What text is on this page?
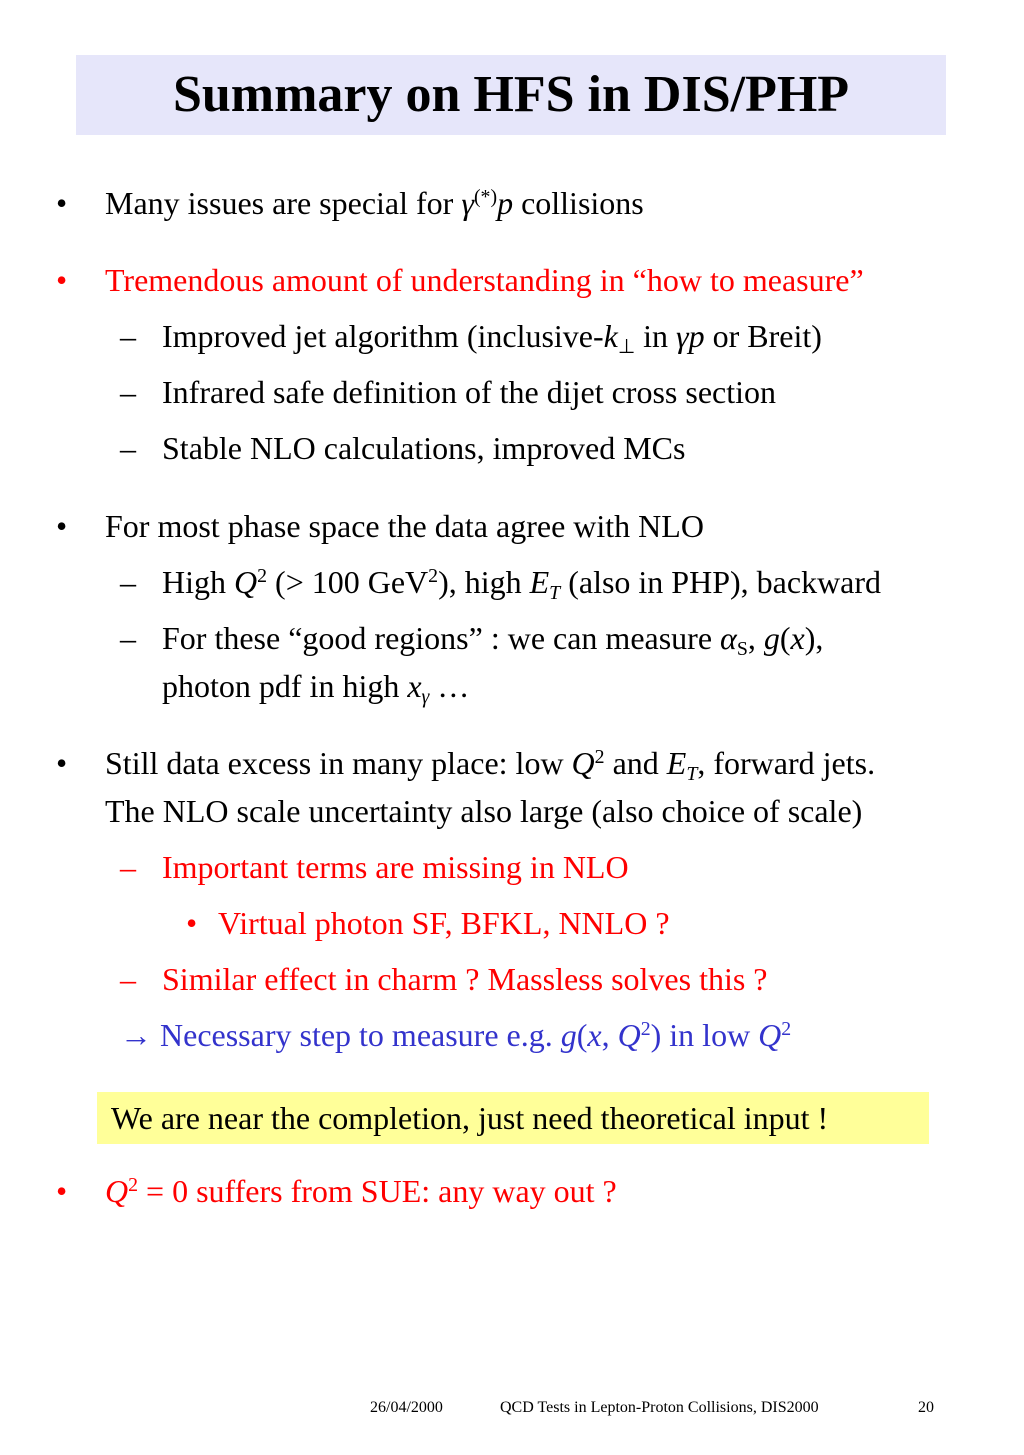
Summary on HFS in DIS/PHP
• Many issues are special for γ(*)p collisions
• Tremendous amount of understanding in “how to measure”
– Improved jet algorithm ($inclusive-k_\perp$ in γp or Breit)
– Infrared safe definition of the dijet cross section
– Stable NLO calculations, improved MCs
• For most phase space the data agree with NLO
– High $Q^2$ (> 100 GeV$^2$), high $E_T$ (also in PHP), backward
– For these “good regions” : we can measure $\alpha_S$, g(x),
photon pdf in high $x_\gamma$ …
• Still data excess in many place: low $Q^2$ and $E_T$, forward jets.
The NLO scale uncertainty also large (also choice of scale)
– Important terms are missing in NLO
• Virtual photon SF, BFKL, NNLO ?
– Similar effect in charm ? Massless solves this ?
→ Necessary step to measure e.g. g(x, $Q^2$) in low $Q^2$
We are near the completion, just need theoretical input !
• $Q^2 = 0$ suffers from SUE: any way out ?
26/04/2000	QCD Tests in Lepton-Proton Collisions, DIS2000	20
